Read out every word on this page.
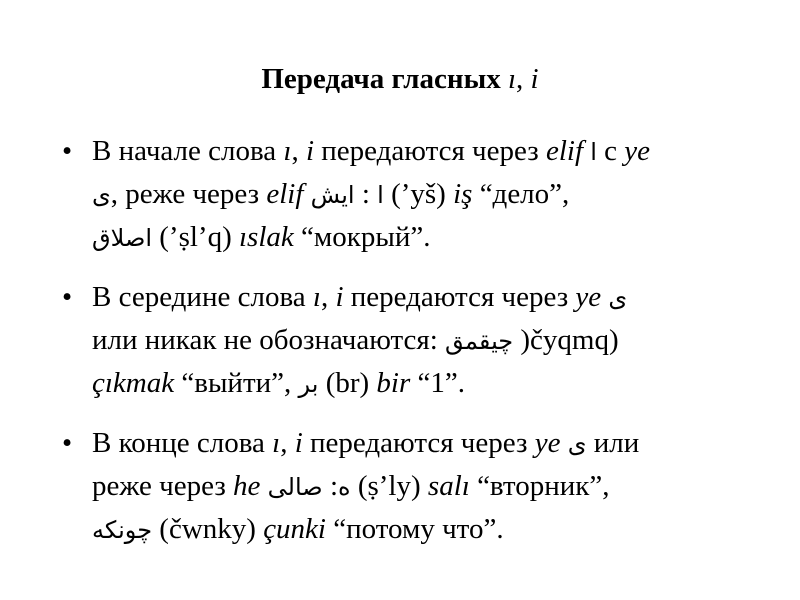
Передача гласных ı, i
• В начале слова ı, i передаются через elif ا с ye
ی, реже через elif ایش : ا (’yš) iş “дело”,
اصلاق (’ṣl’q) ıslak “мокрый”.
• В середине слова ı, i передаются через ye ی
или никак не обозначаются: چیقمق )čyqmq)
çıkmak “выйти”, بر (br) bir “1”.
• В конце слова ı, i передаются через ye ی или
реже через he صالی :ه (ṣ’ly) salı “вторник”,
چونکه (čwnky) çunki “потому что”.
